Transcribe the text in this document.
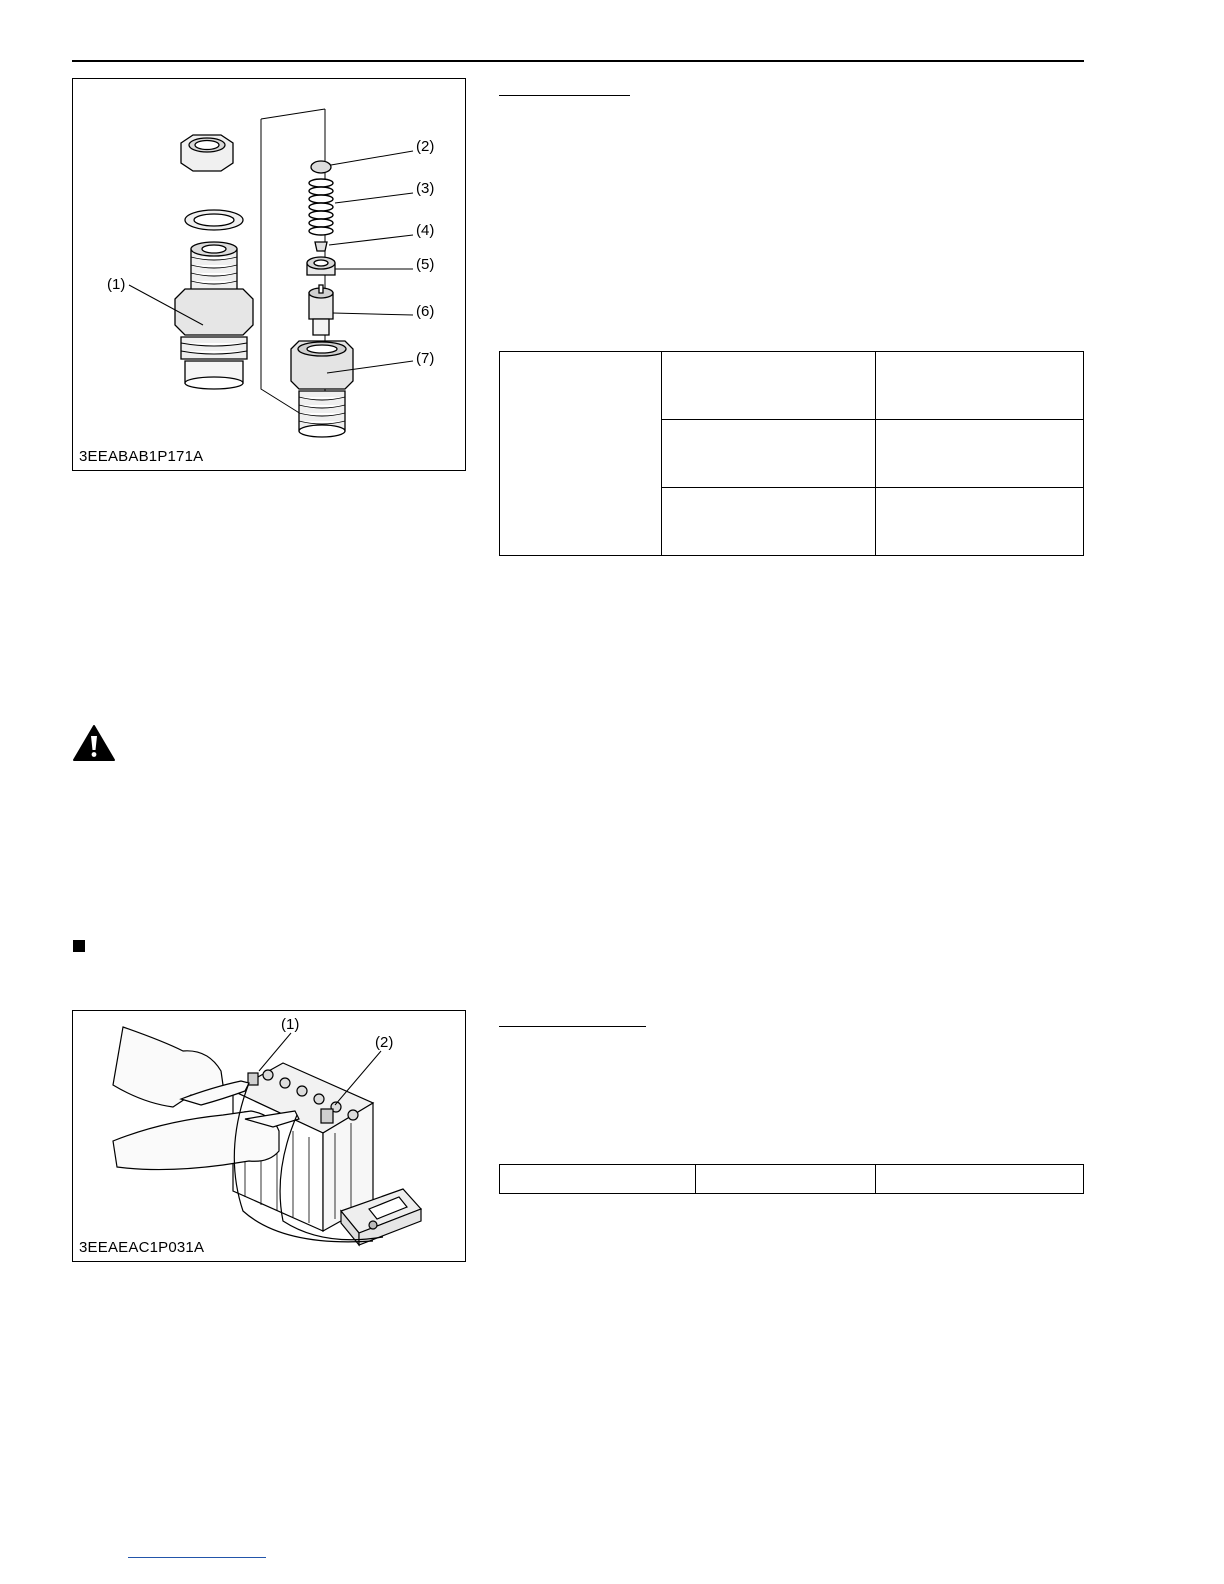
(1)
(2)
(3)
(4)
(5)
(6)
(7)
3EEABAB1P171A

(1)
(2)
3EEAEAC1P031A
